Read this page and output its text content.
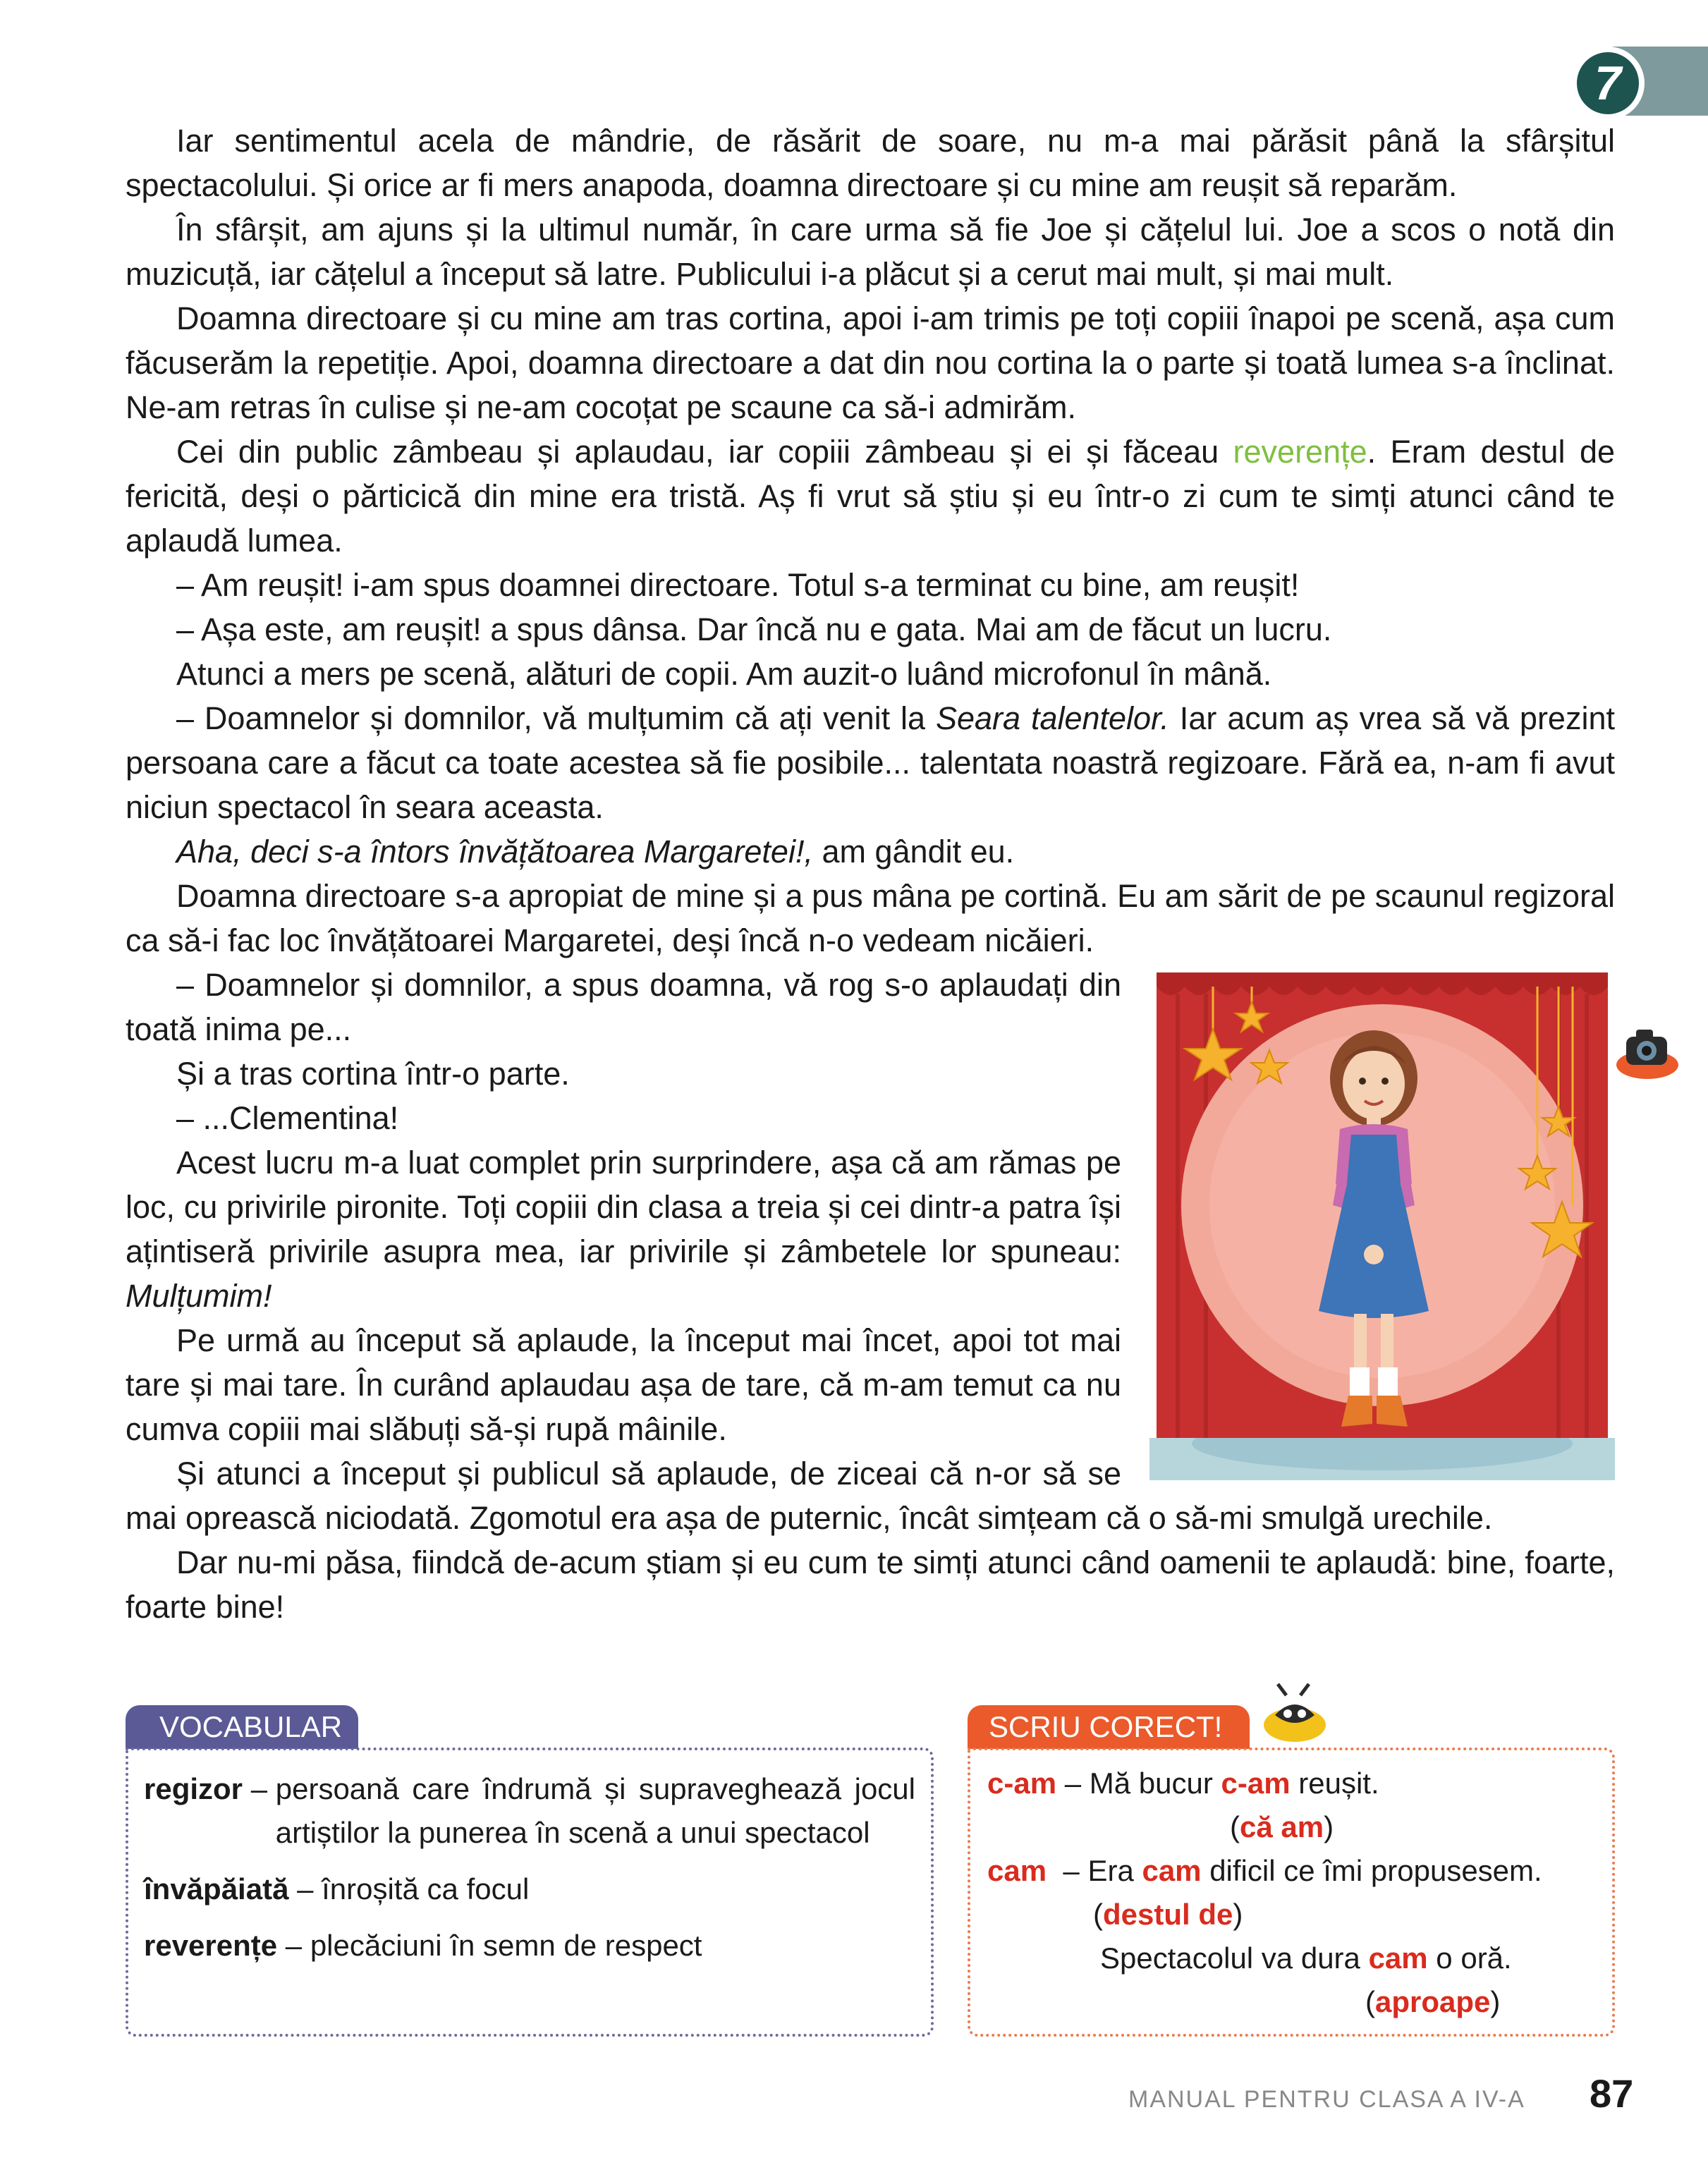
7

Iar sentimentul acela de mândrie, de răsărit de soare, nu m-a mai părăsit până la sfârșitul spectacolului. Și orice ar fi mers anapoda, doamna directoare și cu mine am reușit să reparăm.

În sfârșit, am ajuns și la ultimul număr, în care urma să fie Joe și cățelul lui. Joe a scos o notă din muzicuță, iar cățelul a început să latre. Publicului i-a plăcut și a cerut mai mult, și mai mult.

Doamna directoare și cu mine am tras cortina, apoi i-am trimis pe toți copiii înapoi pe scenă, așa cum făcuserăm la repetiție. Apoi, doamna directoare a dat din nou cortina la o parte și toată lumea s-a înclinat. Ne-am retras în culise și ne-am cocoțat pe scaune ca să-i admirăm.

Cei din public zâmbeau și aplaudau, iar copiii zâmbeau și ei și făceau reverențe. Eram destul de fericită, deși o părticică din mine era tristă. Aș fi vrut să știu și eu într-o zi cum te simți atunci când te aplaudă lumea.

– Am reușit! i-am spus doamnei directoare. Totul s-a terminat cu bine, am reușit!

– Așa este, am reușit! a spus dânsa. Dar încă nu e gata. Mai am de făcut un lucru.

Atunci a mers pe scenă, alături de copii. Am auzit-o luând microfonul în mână.

– Doamnelor și domnilor, vă mulțumim că ați venit la Seara talentelor. Iar acum aș vrea să vă prezint persoana care a făcut ca toate acestea să fie posibile... talentata noastră regizoare. Fără ea, n-am fi avut niciun spectacol în seara aceasta.

Aha, deci s-a întors învățătoarea Margaretei!, am gândit eu.

Doamna directoare s-a apropiat de mine și a pus mâna pe cortină. Eu am sărit de pe scaunul regizoral ca să-i fac loc învățătoarei Margaretei, deși încă n-o vedeam nicăieri.

– Doamnelor și domnilor, a spus doamna, vă rog s-o aplaudați din toată inima pe...

Și a tras cortina într-o parte.

– ...Clementina!

Acest lucru m-a luat complet prin surprindere, așa că am rămas pe loc, cu privirile pironite. Toți copiii din clasa a treia și cei dintr-a patra își ațintiseră privirile asupra mea, iar privirile și zâmbetele lor spuneau: Mulțumim!

Pe urmă au început să aplaude, la început mai încet, apoi tot mai tare și mai tare. În curând aplaudau așa de tare, că m-am temut ca nu cumva copiii mai slăbuți să-și rupă mâinile.

Și atunci a început și publicul să aplaude, de ziceai că n-or să se mai oprească niciodată. Zgomotul era așa de puternic, încât simțeam că o să-mi smulgă urechile.

Dar nu-mi păsa, fiindcă de-acum știam și eu cum te simți atunci când oamenii te aplaudă: bine, foarte, foarte bine!

VOCABULAR
regizor – persoană care îndrumă și supraveghează jocul artiștilor la punerea în scenă a unui spectacol
învăpăiată – înroșită ca focul
reverențe – plecăciuni în semn de respect
SCRIU CORECT!
c-am – Mă bucur c-am reușit.
(că am)
cam  – Era cam dificil ce îmi propusesem.
(destul de)
Spectacolul va dura cam o oră.
(aproape)
MANUAL PENTRU CLASA A IV-A 87
